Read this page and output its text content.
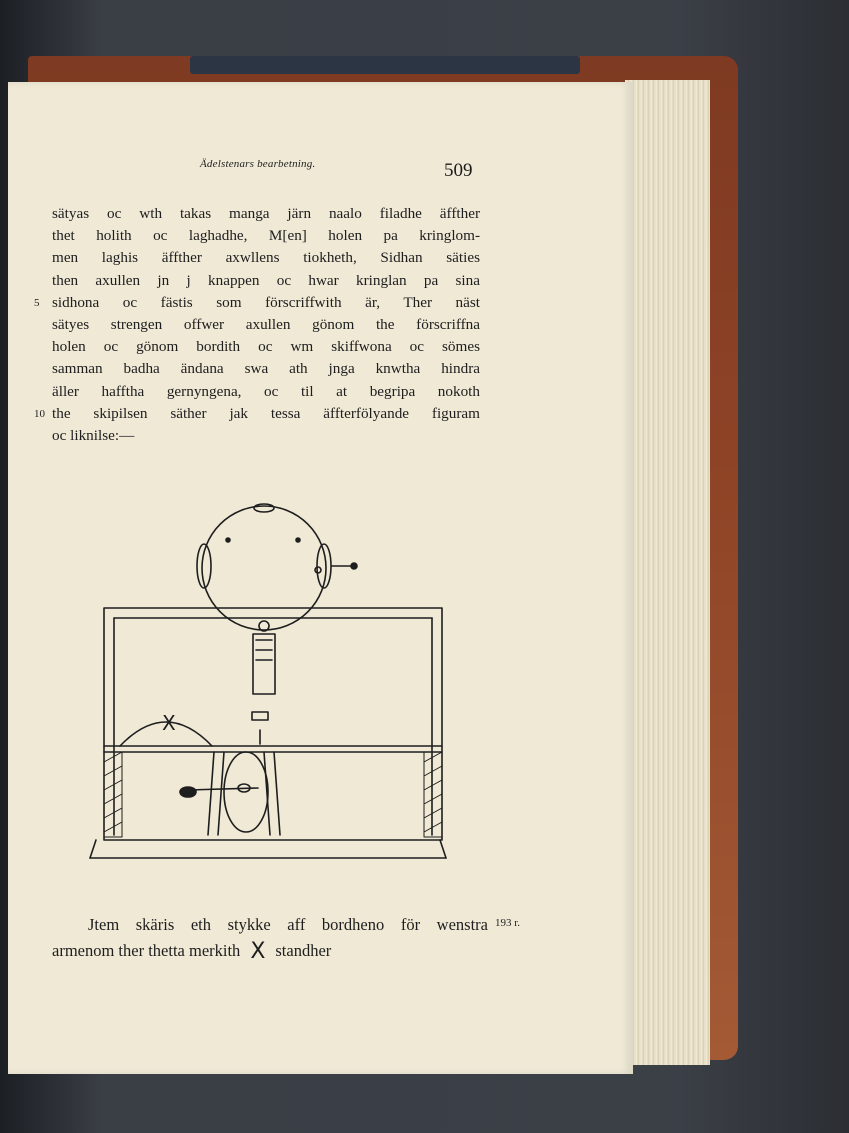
Ädelstenars bearbetning.	509
sätyas oc wth takas manga järn naalo filadhe äffther
thet holith oc laghadhe, M[en] holen pa kringlom-
men laghis äffther axwllens tiokheth, Sidhan säties
then axullen jn j knappen oc hwar kringlan pa sina
5 sidhona oc fästis som förscriffwith är, Ther näst
sätyes strengen offwer axullen gönom the förscriffna
holen oc gönom bordith oc wm skiffwona oc sömes
samman badha ändana swa ath jnga knwtha hindra
äller hafftha gernyngena, oc til at begripa nokoth
10 the skipilsen säther jak tessa äffterfölyande figuram
oc liknilse:—
X
Jtem skäris eth stykke aff bordheno för wenstra
armenom ther thetta merkith X standher
193 r.
